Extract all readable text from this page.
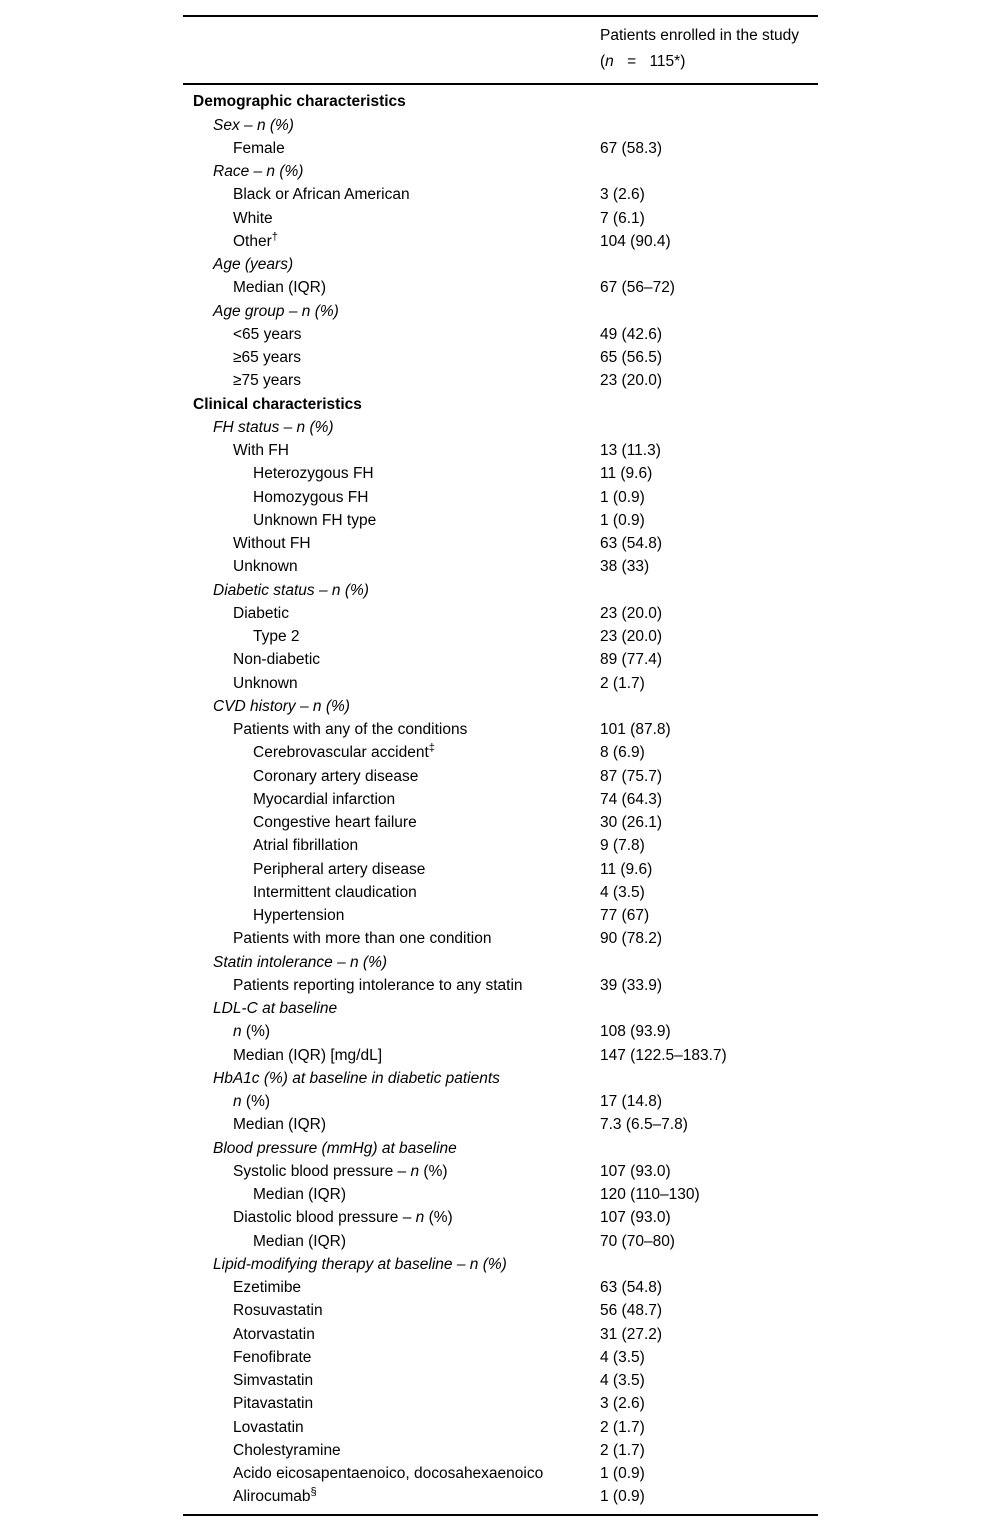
Patients enrolled in the study
(n = 115*)
Demographic characteristics
Sex – n (%)
Female	67 (58.3)
Race – n (%)
Black or African American	3 (2.6)
White	7 (6.1)
Other†	104 (90.4)
Age (years)
Median (IQR)	67 (56–72)
Age group – n (%)
<65 years	49 (42.6)
≥65 years	65 (56.5)
≥75 years	23 (20.0)
Clinical characteristics
FH status – n (%)
With FH	13 (11.3)
Heterozygous FH	11 (9.6)
Homozygous FH	1 (0.9)
Unknown FH type	1 (0.9)
Without FH	63 (54.8)
Unknown	38 (33)
Diabetic status – n (%)
Diabetic	23 (20.0)
Type 2	23 (20.0)
Non-diabetic	89 (77.4)
Unknown	2 (1.7)
CVD history – n (%)
Patients with any of the conditions	101 (87.8)
Cerebrovascular accident‡	8 (6.9)
Coronary artery disease	87 (75.7)
Myocardial infarction	74 (64.3)
Congestive heart failure	30 (26.1)
Atrial fibrillation	9 (7.8)
Peripheral artery disease	11 (9.6)
Intermittent claudication	4 (3.5)
Hypertension	77 (67)
Patients with more than one condition	90 (78.2)
Statin intolerance – n (%)
Patients reporting intolerance to any statin	39 (33.9)
LDL-C at baseline
n (%)	108 (93.9)
Median (IQR) [mg/dL]	147 (122.5–183.7)
HbA1c (%) at baseline in diabetic patients
n (%)	17 (14.8)
Median (IQR)	7.3 (6.5–7.8)
Blood pressure (mmHg) at baseline
Systolic blood pressure – n (%)	107 (93.0)
Median (IQR)	120 (110–130)
Diastolic blood pressure – n (%)	107 (93.0)
Median (IQR)	70 (70–80)
Lipid-modifying therapy at baseline – n (%)
Ezetimibe	63 (54.8)
Rosuvastatin	56 (48.7)
Atorvastatin	31 (27.2)
Fenofibrate	4 (3.5)
Simvastatin	4 (3.5)
Pitavastatin	3 (2.6)
Lovastatin	2 (1.7)
Cholestyramine	2 (1.7)
Acido eicosapentaenoico, docosahexaenoico	1 (0.9)
Alirocumab§	1 (0.9)
